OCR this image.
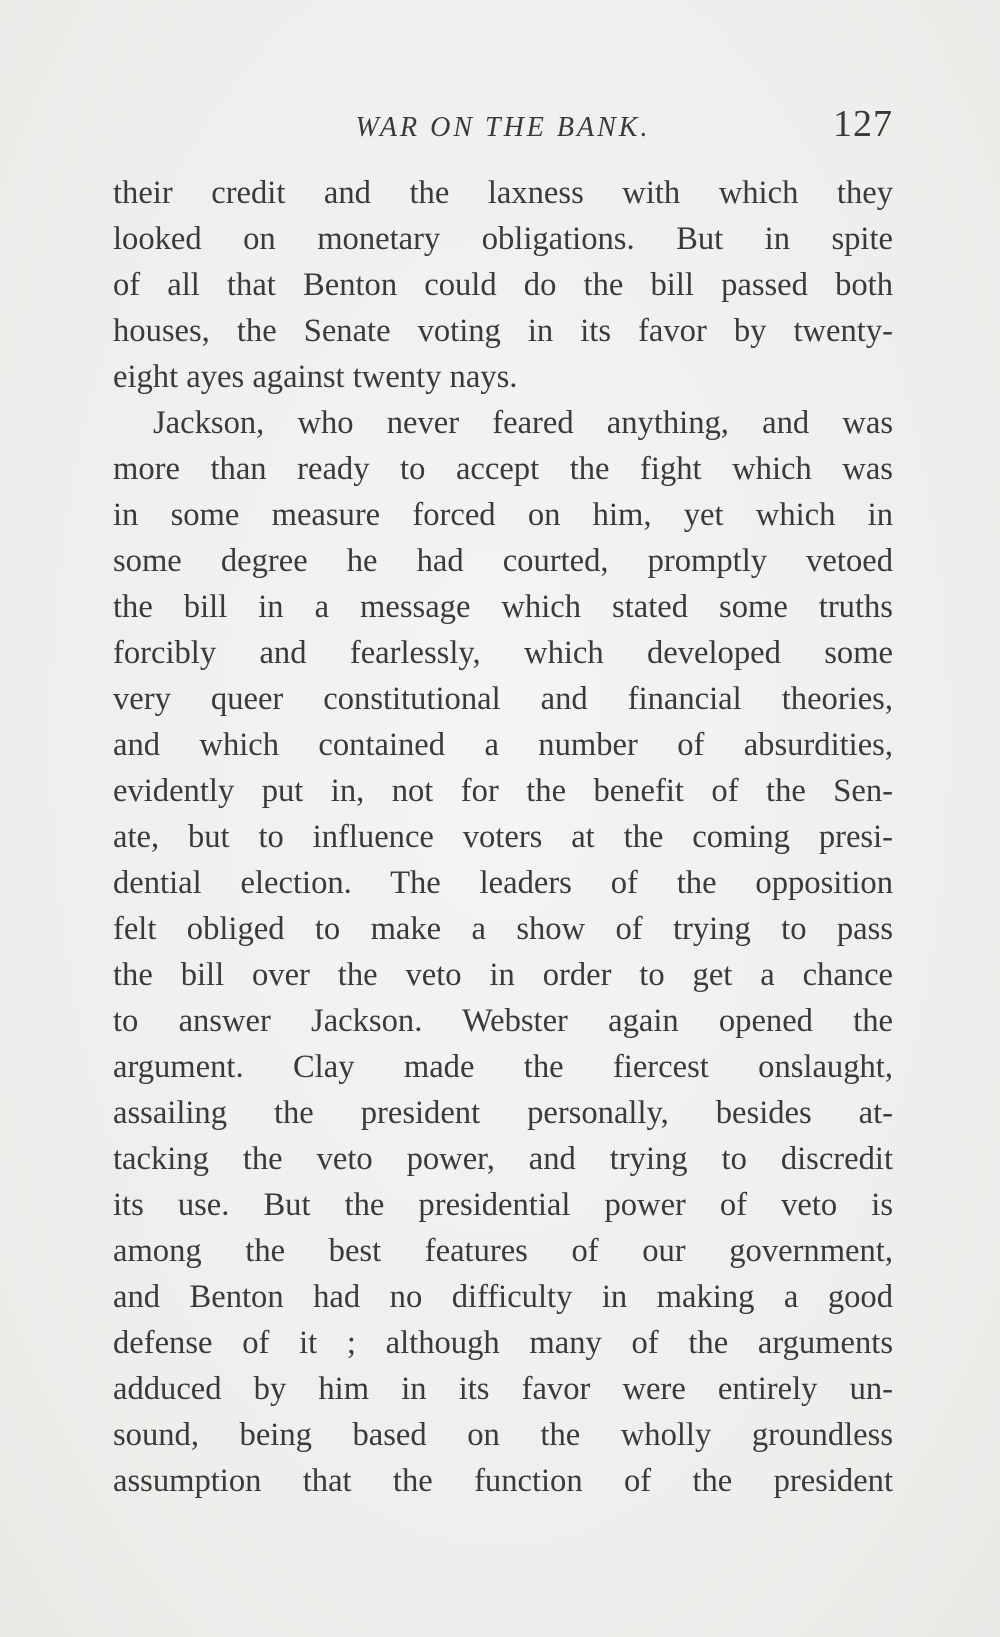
WAR ON THE BANK.	127
their credit and the laxness with which they
looked on monetary obligations. But in spite
of all that Benton could do the bill passed both
houses, the Senate voting in its favor by twenty-
eight ayes against twenty nays.
Jackson, who never feared anything, and was
more than ready to accept the fight which was
in some measure forced on him, yet which in
some degree he had courted, promptly vetoed
the bill in a message which stated some truths
forcibly and fearlessly, which developed some
very queer constitutional and financial theories,
and which contained a number of absurdities,
evidently put in, not for the benefit of the Sen-
ate, but to influence voters at the coming presi-
dential election. The leaders of the opposition
felt obliged to make a show of trying to pass
the bill over the veto in order to get a chance
to answer Jackson. Webster again opened the
argument. Clay made the fiercest onslaught,
assailing the president personally, besides at-
tacking the veto power, and trying to discredit
its use. But the presidential power of veto is
among the best features of our government,
and Benton had no difficulty in making a good
defense of it ; although many of the arguments
adduced by him in its favor were entirely un-
sound, being based on the wholly groundless
assumption that the function of the president
